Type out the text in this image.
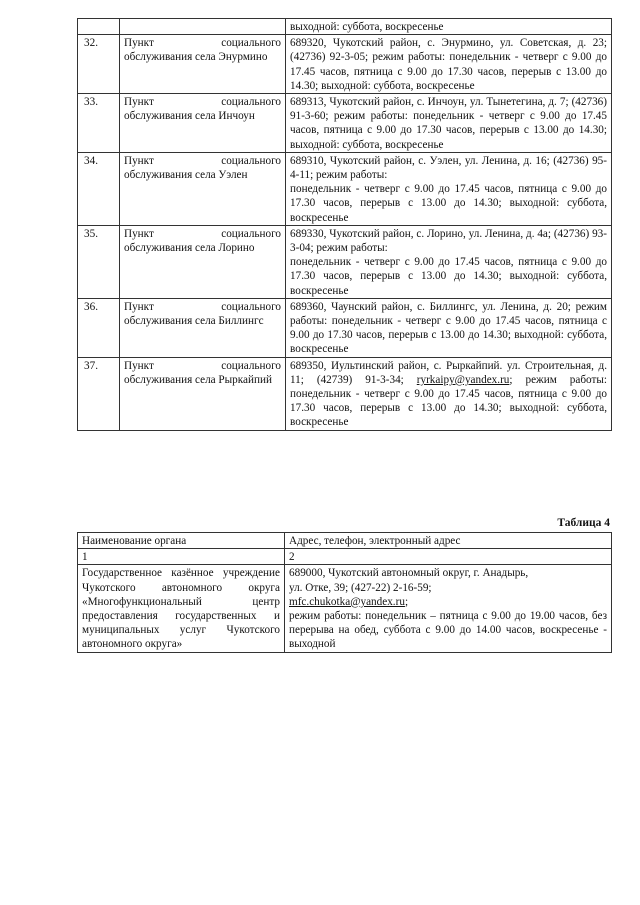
		выходной: суббота, воскресенье
32.	Пункт социального обслуживания села Энурмино	689320, Чукотский район, с. Энурмино, ул. Советская, д. 23; (42736) 92-3-05; режим работы: понедельник - четверг с 9.00 до 17.45 часов, пятница с 9.00 до 17.30 часов, перерыв с 13.00 до 14.30; выходной: суббота, воскресенье
33.	Пункт социального обслуживания села Инчоун	689313, Чукотский район, с. Инчоун, ул. Тынетегина, д. 7; (42736) 91-3-60; режим работы: понедельник - четверг с 9.00 до 17.45 часов, пятница с 9.00 до 17.30 часов, перерыв с 13.00 до 14.30; выходной: суббота, воскресенье
34.	Пункт социального обслуживания села Уэлен	689310, Чукотский район, с. Уэлен, ул. Ленина, д. 16; (42736) 95-4-11; режим работы:
понедельник - четверг с 9.00 до 17.45 часов, пятница с 9.00 до 17.30 часов, перерыв с 13.00 до 14.30; выходной: суббота, воскресенье
35.	Пункт социального обслуживания села Лорино	689330, Чукотский район, с. Лорино, ул. Ленина, д. 4а; (42736) 93-3-04; режим работы:
понедельник - четверг с 9.00 до 17.45 часов, пятница с 9.00 до 17.30 часов, перерыв с 13.00 до 14.30; выходной: суббота, воскресенье
36.	Пункт социального обслуживания села Биллингс	689360, Чаунский район, с. Биллингс, ул. Ленина, д. 20; режим работы: понедельник - четверг с 9.00 до 17.45 часов, пятница с 9.00 до 17.30 часов, перерыв с 13.00 до 14.30; выходной: суббота, воскресенье
37.	Пункт социального обслуживания села Рыркайпий	689350, Иультинский район, с. Рыркайпий. ул. Строительная, д. 11; (42739) 91-3-34; ryrkaipy@yandex.ru; режим работы: понедельник - четверг с 9.00 до 17.45 часов, пятница с 9.00 до 17.30 часов, перерыв с 13.00 до 14.30; выходной: суббота, воскресенье
Таблица 4
Наименование органа	Адрес, телефон, электронный адрес
1	2
Государственное казённое учреждение Чукотского автономного округа «Многофункциональный центр предоставления государственных и муниципальных услуг Чукотского автономного округа»	689000, Чукотский автономный округ, г. Анадырь,
ул. Отке, 39; (427-22) 2-16-59;
mfc.chukotka@yandex.ru;
режим работы: понедельник – пятница с 9.00 до 19.00 часов, без перерыва на обед, суббота с 9.00 до 14.00 часов, воскресенье - выходной
